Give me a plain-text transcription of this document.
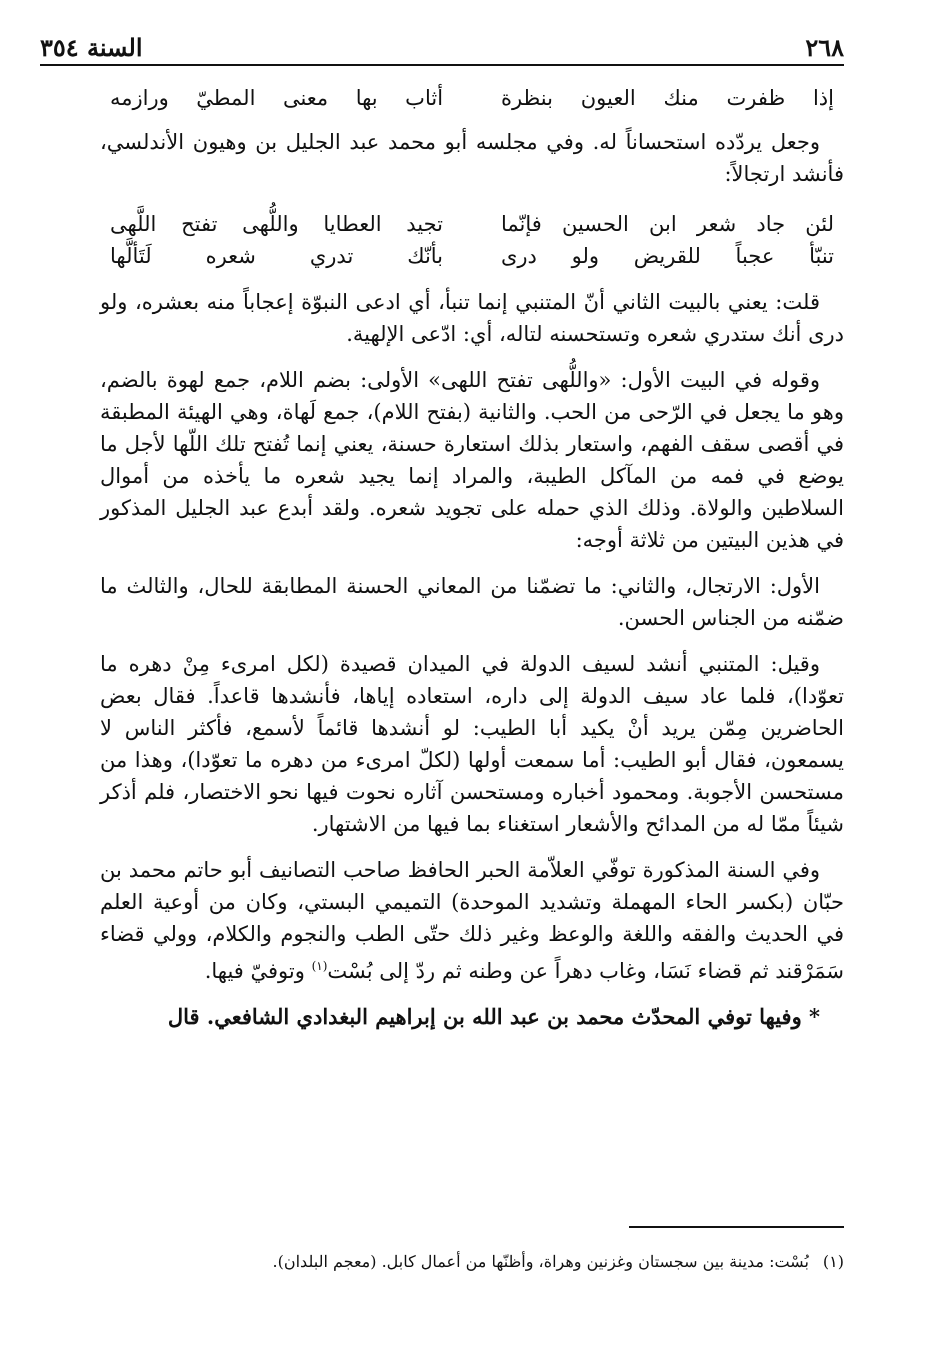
٢٦٨
السنة ٣٥٤
إذا ظفرت منك العيون بنظرة
أثاب بها معنى المطيّ ورازمه

وجعل يردّده استحساناً له. وفي مجلسه أبو محمد عبد الجليل بن وهيون الأندلسي، فأنشد ارتجالاً:

لئن جاد شعر ابن الحسين فإنّما
تجيد العطايا واللُّهى تفتح اللَّهى
تنبّأ عجباً للقريض ولو درى
بأنّك تدري شعره لَتَألَّها

قلت: يعني بالبيت الثاني أنّ المتنبي إنما تنبأ، أي ادعى النبوّة إعجاباً منه بعشره، ولو درى أنك ستدري شعره وتستحسنه لتاله، أي: ادّعى الإلهية.

وقوله في البيت الأول: «واللُّهى تفتح اللهى» الأولى: بضم اللام، جمع لهوة بالضم، وهو ما يجعل في الرّحى من الحب. والثانية (بفتح اللام)، جمع لَهاة، وهي الهيئة المطبقة في أقصى سقف الفهم، واستعار بذلك استعارة حسنة، يعني إنما تُفتح تلك اللّها لأجل ما يوضع في فمه من المآكل الطيبة، والمراد إنما يجيد شعره ما يأخذه من أموال السلاطين والولاة. وذلك الذي حمله على تجويد شعره. ولقد أبدع عبد الجليل المذكور في هذين البيتين من ثلاثة أوجه:

الأول: الارتجال، والثاني: ما تضمّنا من المعاني الحسنة المطابقة للحال، والثالث ما ضمّنه من الجناس الحسن.

وقيل: المتنبي أنشد لسيف الدولة في الميدان قصيدة (لكل امرىء مِنْ دهره ما تعوّدا)، فلما عاد سيف الدولة إلى داره، استعاده إياها، فأنشدها قاعداً. فقال بعض الحاضرين مِمّن يريد أنْ يكيد أبا الطيب: لو أنشدها قائماً لأسمع، فأكثر الناس لا يسمعون، فقال أبو الطيب: أما سمعت أولها (لكلّ امرىء من دهره ما تعوّدا)، وهذا من مستحسن الأجوبة. ومحمود أخباره ومستحسن آثاره نحوت فيها نحو الاختصار، فلم أذكر شيئاً ممّا له من المدائح والأشعار استغناء بما فيها من الاشتهار.

وفي السنة المذكورة توفّي العلاّمة الحبر الحافظ صاحب التصانيف أبو حاتم محمد بن حبّان (بكسر الحاء المهملة وتشديد الموحدة) التميمي البستي، وكان من أوعية العلم في الحديث والفقه واللغة والوعظ وغير ذلك حتّى الطب والنجوم والكلام، وولي قضاء سَمَرْقند ثم قضاء نَسَا، وغاب دهراً عن وطنه ثم ردّ إلى بُسْت$^{(١)}$ وتوفيّ فيها.

* وفيها توفي المحدّث محمد بن عبد الله بن إبراهيم البغدادي الشافعي. قال

(١)بُسْت: مدينة بين سجستان وغزنين وهراة، وأظنّها من أعمال كابل. (معجم البلدان).
